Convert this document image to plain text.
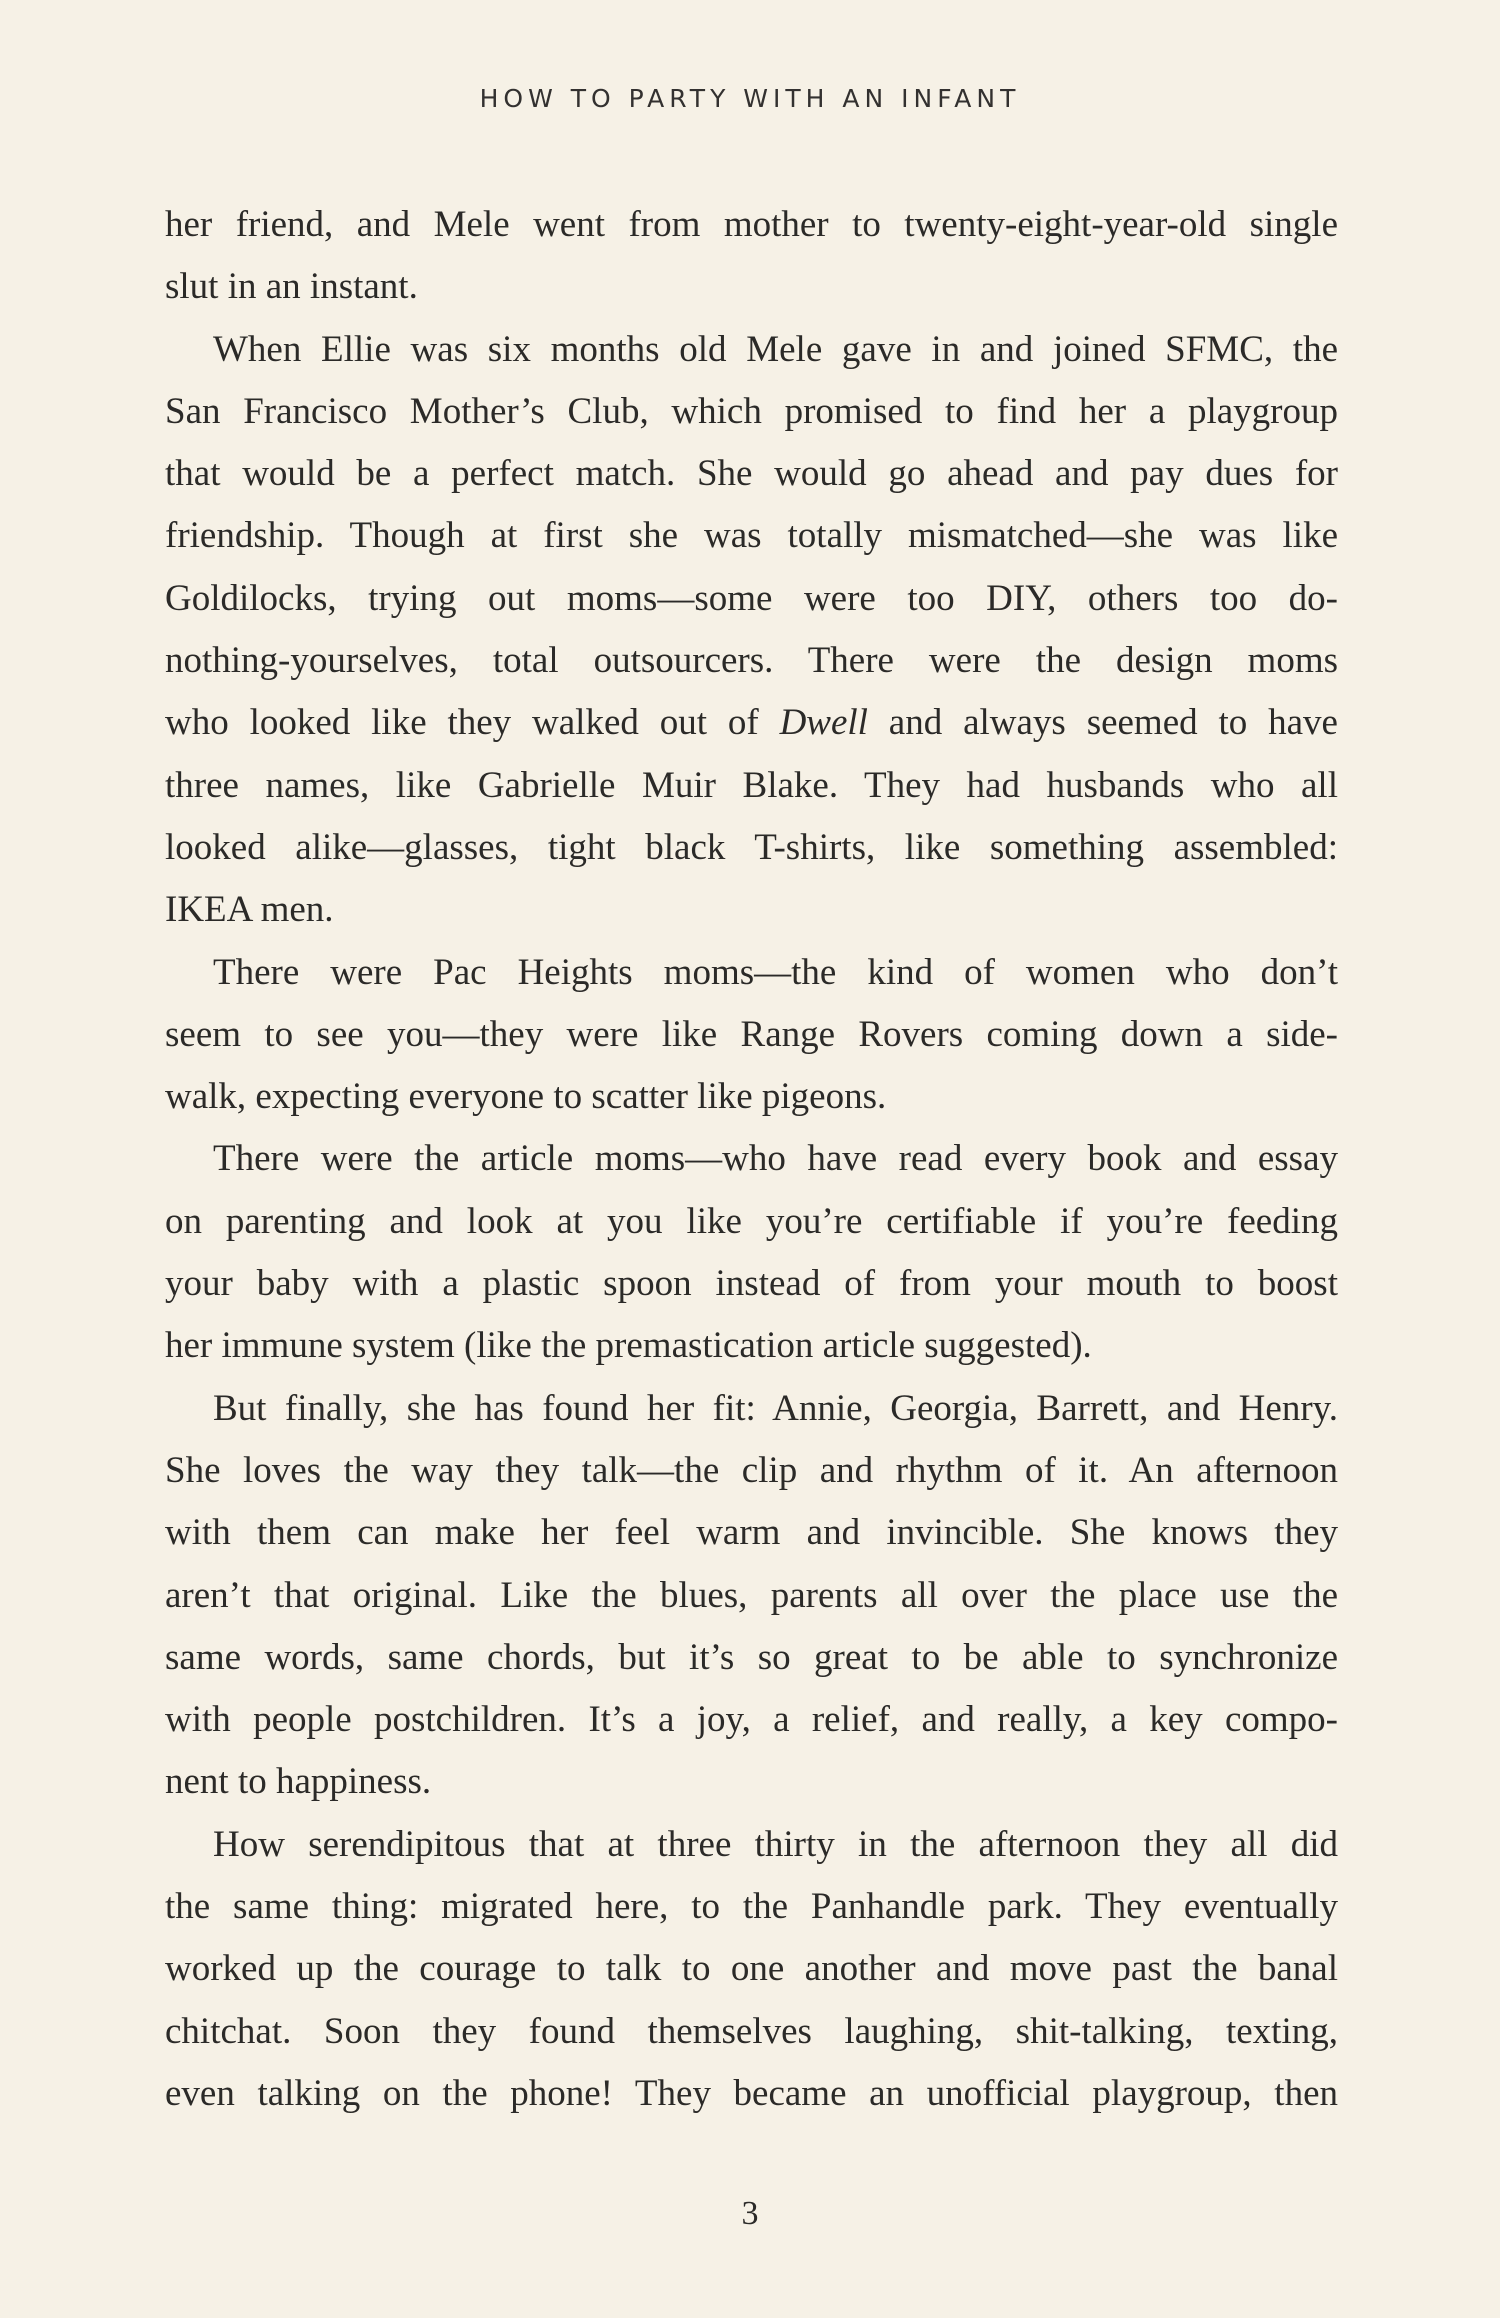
HOW TO PARTY WITH AN INFANT
her friend, and Mele went from mother to twenty-eight-year-old single
slut in an instant.
When Ellie was six months old Mele gave in and joined SFMC, the
San Francisco Mother’s Club, which promised to find her a playgroup
that would be a perfect match. She would go ahead and pay dues for
friendship. Though at first she was totally mismatched—she was like
Goldilocks, trying out moms—some were too DIY, others too do-
nothing-yourselves, total outsourcers. There were the design moms
who looked like they walked out of Dwell and always seemed to have
three names, like Gabrielle Muir Blake. They had husbands who all
looked alike—glasses, tight black T-shirts, like something assembled:
IKEA men.
There were Pac Heights moms—the kind of women who don’t
seem to see you—they were like Range Rovers coming down a side-
walk, expecting everyone to scatter like pigeons.
There were the article moms—who have read every book and essay
on parenting and look at you like you’re certifiable if you’re feeding
your baby with a plastic spoon instead of from your mouth to boost
her immune system (like the premastication article suggested).
But finally, she has found her fit: Annie, Georgia, Barrett, and Henry.
She loves the way they talk—the clip and rhythm of it. An afternoon
with them can make her feel warm and invincible. She knows they
aren’t that original. Like the blues, parents all over the place use the
same words, same chords, but it’s so great to be able to synchronize
with people postchildren. It’s a joy, a relief, and really, a key compo-
nent to happiness.
How serendipitous that at three thirty in the afternoon they all did
the same thing: migrated here, to the Panhandle park. They eventually
worked up the courage to talk to one another and move past the banal
chitchat. Soon they found themselves laughing, shit-talking, texting,
even talking on the phone! They became an unofficial playgroup, then
3
